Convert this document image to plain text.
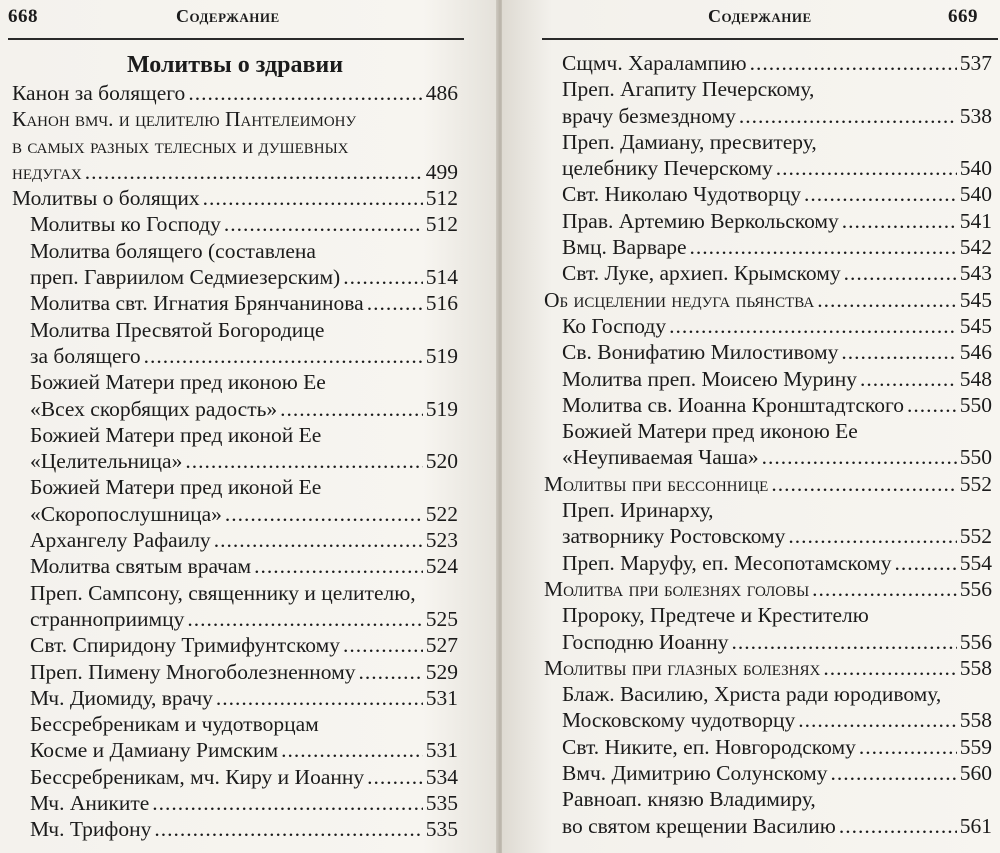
668	Содержание
Молитвы о здравии
Канон за болящего .....	486
Канон вмч. и целителю Пантелеимону
в самых разных телесных и душевных
недугах .....	499
Молитвы о болящих .....	512
Молитвы ко Господу .....	512
Молитва болящего (составлена
преп. Гавриилом Седмиезерским) .....	514
Молитва свт. Игнатия Брянчанинова .....	516
Молитва Пресвятой Богородице
за болящего .....	519
Божией Матери пред иконою Ее
«Всех скорбящих радость» .....	519
Божией Матери пред иконой Ее
«Целительница» .....	520
Божией Матери пред иконой Ее
«Скоропослушница» .....	522
Архангелу Рафаилу .....	523
Молитва святым врачам .....	524
Преп. Сампсону, священнику и целителю,
странноприимцу .....	525
Свт. Спиридону Тримифунтскому .....	527
Преп. Пимену Многоболезненному .....	529
Мч. Диомиду, врачу .....	531
Бессребреникам и чудотворцам
Косме и Дамиану Римским .....	531
Бессребреникам, мч. Киру и Иоанну .....	534
Мч. Аниките .....	535
Мч. Трифону .....	535
Содержание	669
Сщмч. Харалампию .....	537
Преп. Агапиту Печерскому,
врачу безмездному .....	538
Преп. Дамиану, пресвитеру,
целебнику Печерскому .....	540
Свт. Николаю Чудотворцу .....	540
Прав. Артемию Веркольскому .....	541
Вмц. Варваре .....	542
Свт. Луке, архиеп. Крымскому .....	543
Об исцелении недуга пьянства .....	545
Ко Господу .....	545
Св. Вонифатию Милостивому .....	546
Молитва преп. Моисею Мурину .....	548
Молитва св. Иоанна Кронштадтского .....	550
Божией Матери пред иконою Ее
«Неупиваемая Чаша» .....	550
Молитвы при бессоннице .....	552
Преп. Иринарху,
затворнику Ростовскому .....	552
Преп. Маруфу, еп. Месопотамскому .....	554
Молитва при болезнях головы .....	556
Пророку, Предтече и Крестителю
Господню Иоанну .....	556
Молитвы при глазных болезнях .....	558
Блаж. Василию, Христа ради юродивому,
Московскому чудотворцу .....	558
Свт. Никите, еп. Новгородскому .....	559
Вмч. Димитрию Солунскому .....	560
Равноап. князю Владимиру,
во святом крещении Василию .....	561
